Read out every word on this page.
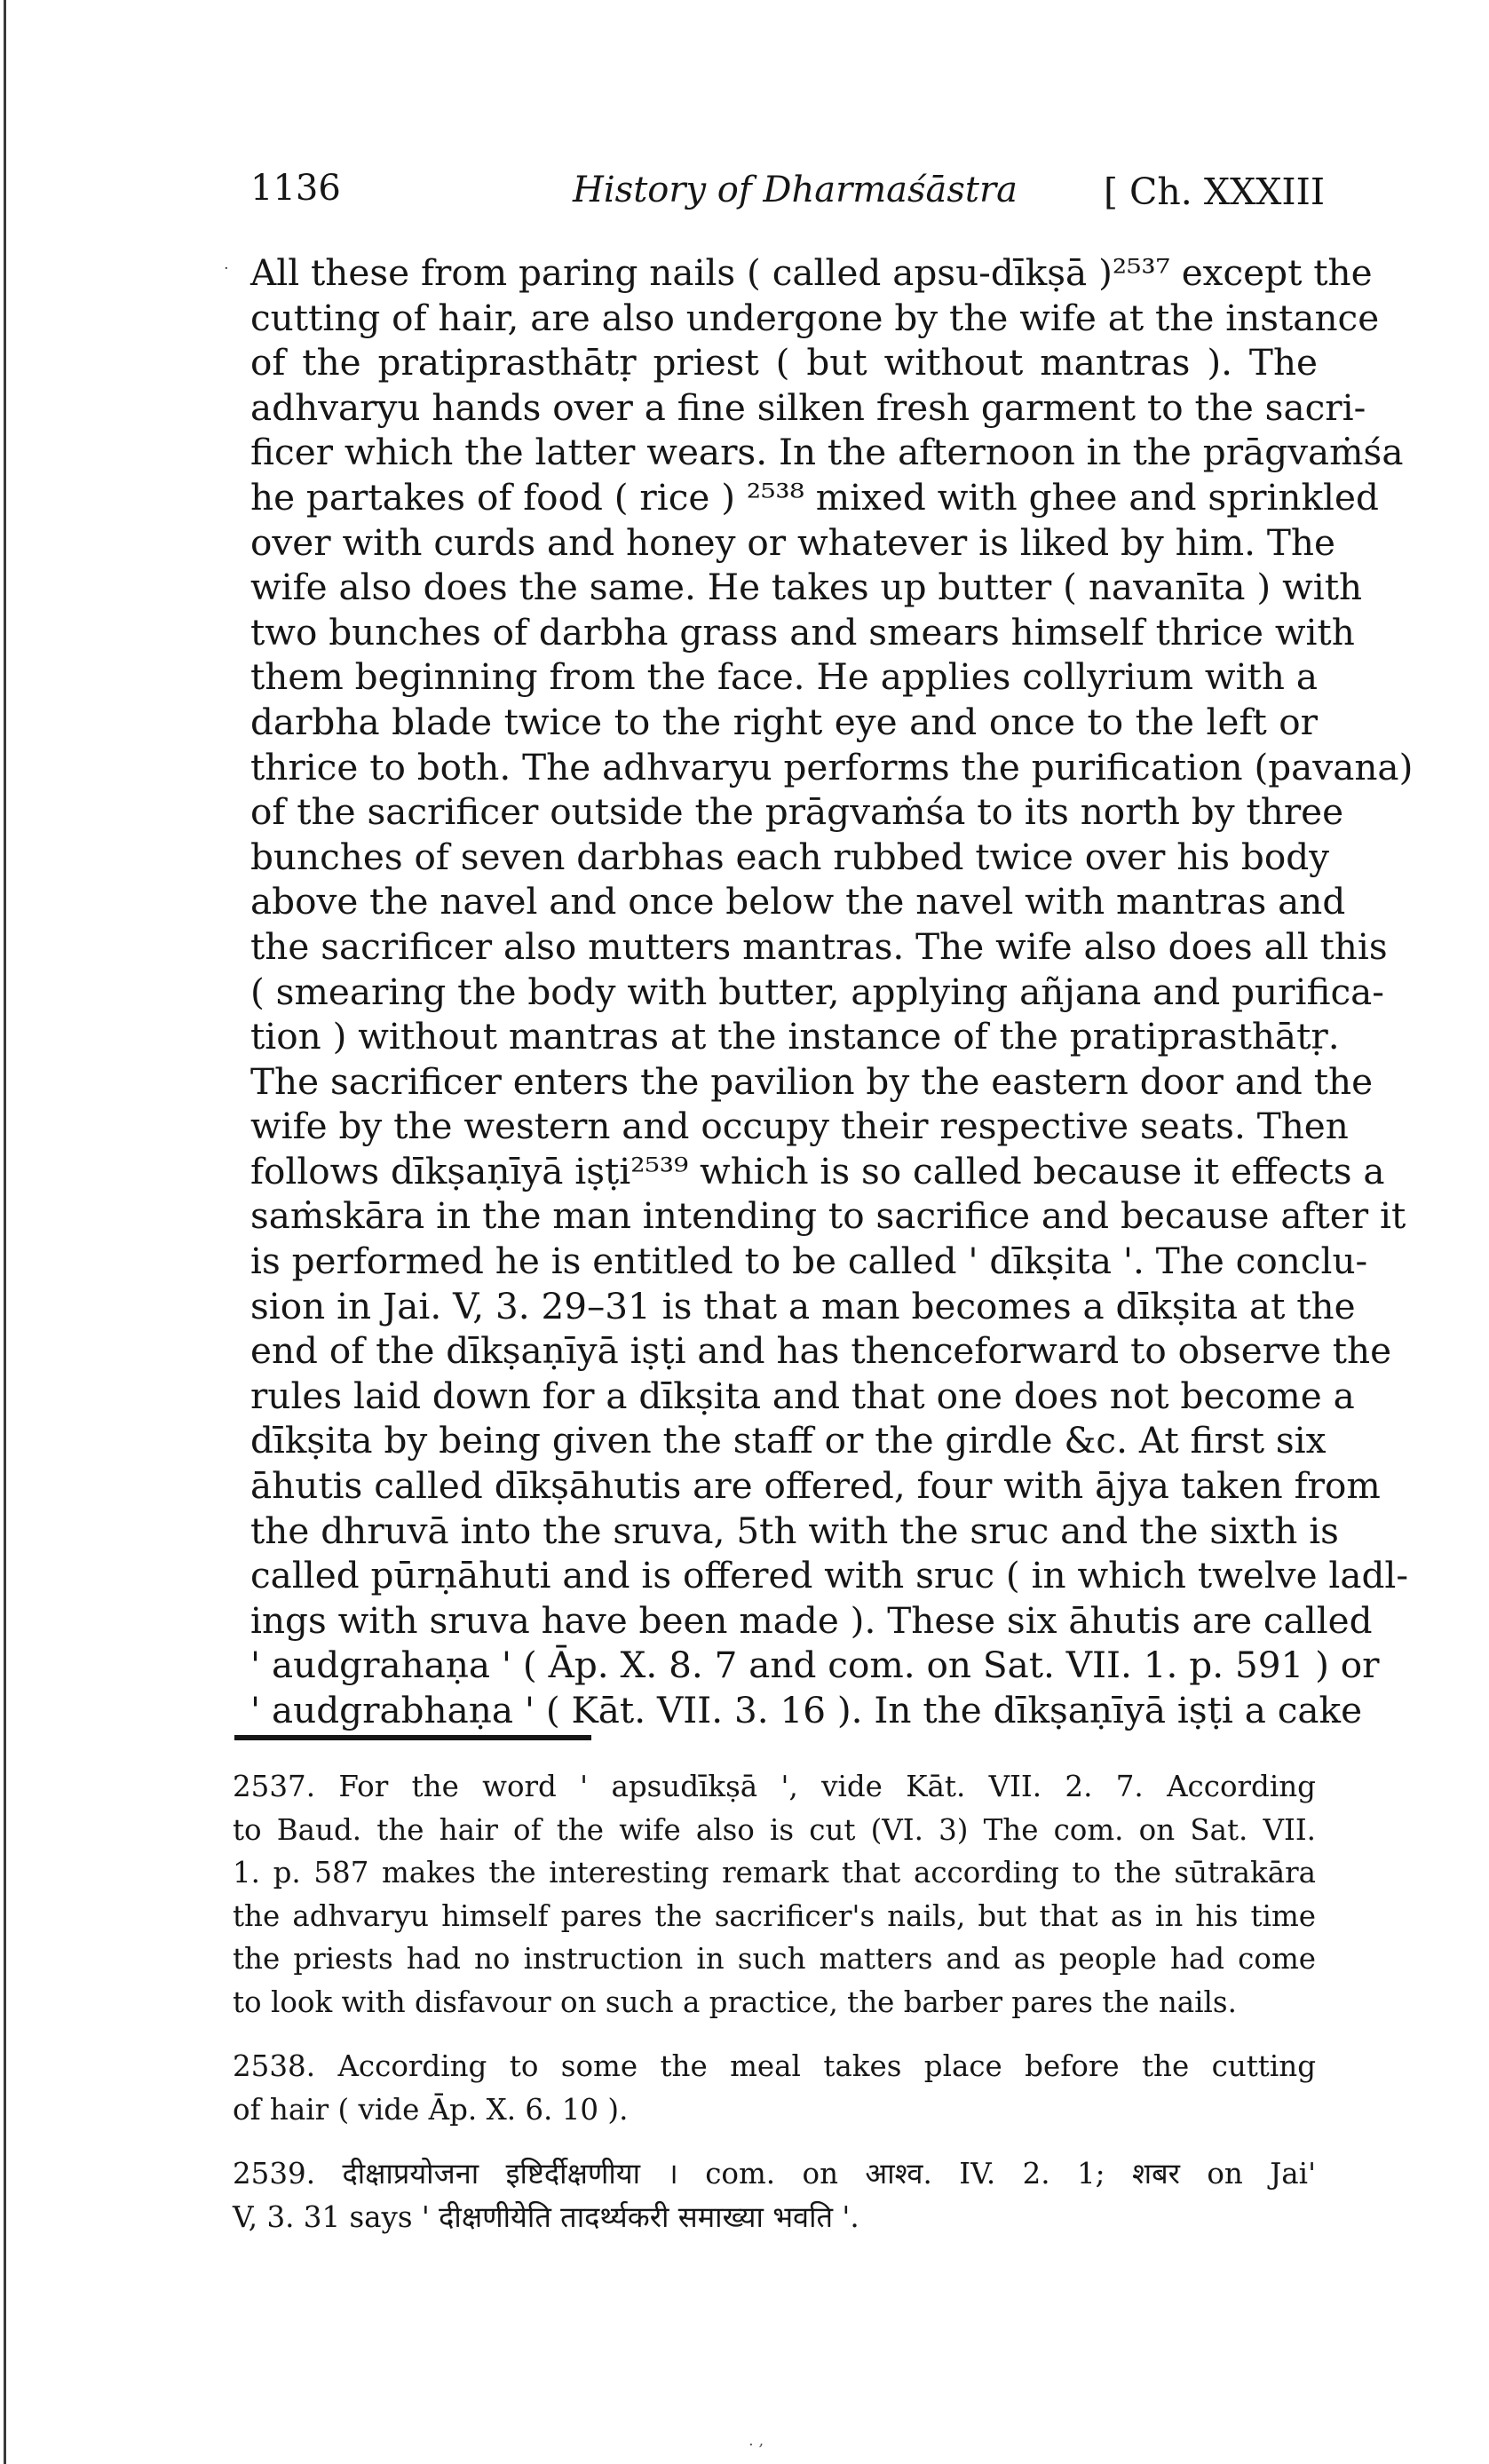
·
1136	History of Dharmaśāstra [ Ch. XXXIII
All these from paring nails ( called apsu-dīkṣā )²⁵³⁷ except the
cutting of hair, are also undergone by the wife at the instance
of the pratiprasthātṛ priest ( but without mantras ). The
adhvaryu hands over a fine silken fresh garment to the sacri-
ficer which the latter wears. In the afternoon in the prāgvaṁśa
he partakes of food ( rice ) ²⁵³⁸ mixed with ghee and sprinkled
over with curds and honey or whatever is liked by him. The
wife also does the same. He takes up butter ( navanīta ) with
two bunches of darbha grass and smears himself thrice with
them beginning from the face. He applies collyrium with a
darbha blade twice to the right eye and once to the left or
thrice to both. The adhvaryu performs the purification (pavana)
of the sacrificer outside the prāgvaṁśa to its north by three
bunches of seven darbhas each rubbed twice over his body
above the navel and once below the navel with mantras and
the sacrificer also mutters mantras. The wife also does all this
( smearing the body with butter, applying añjana and purifica-
tion ) without mantras at the instance of the pratiprasthātṛ.
The sacrificer enters the pavilion by the eastern door and the
wife by the western and occupy their respective seats. Then
follows dīkṣaṇīyā iṣṭi²⁵³⁹ which is so called because it effects a
saṁskāra in the man intending to sacrifice and because after it
is performed he is entitled to be called ' dīkṣita '. The conclu-
sion in Jai. V, 3. 29–31 is that a man becomes a dīkṣita at the
end of the dīkṣaṇīyā iṣṭi and has thenceforward to observe the
rules laid down for a dīkṣita and that one does not become a
dīkṣita by being given the staff or the girdle &c. At first six
āhutis called dīkṣāhutis are offered, four with ājya taken from
the dhruvā into the sruva, 5th with the sruc and the sixth is
called pūrṇāhuti and is offered with sruc ( in which twelve ladl-
ings with sruva have been made ). These six āhutis are called
' audgrahaṇa ' ( Āp. X. 8. 7 and com. on Sat. VII. 1. p. 591 ) or
' audgrabhaṇa ' ( Kāt. VII. 3. 16 ). In the dīkṣaṇīyā iṣṭi a cake
2537. For the word ' apsudīkṣā ', vide Kāt. VII. 2. 7. According
to Baud. the hair of the wife also is cut (VI. 3) The com. on Sat. VII.
1. p. 587 makes the interesting remark that according to the sūtrakāra
the adhvaryu himself pares the sacrificer's nails, but that as in his time
the priests had no instruction in such matters and as people had come
to look with disfavour on such a practice, the barber pares the nails.
2538. According to some the meal takes place before the cutting
of hair ( vide Āp. X. 6. 10 ).
2539. दीक्षाप्रयोजना इष्टिर्दीक्षणीया । com. on आश्व. IV. 2. 1; शबर on Jai'
V, 3. 31 says ' दीक्षणीयेति तादर्थ्यकरी समाख्या भवति '.
. ,
